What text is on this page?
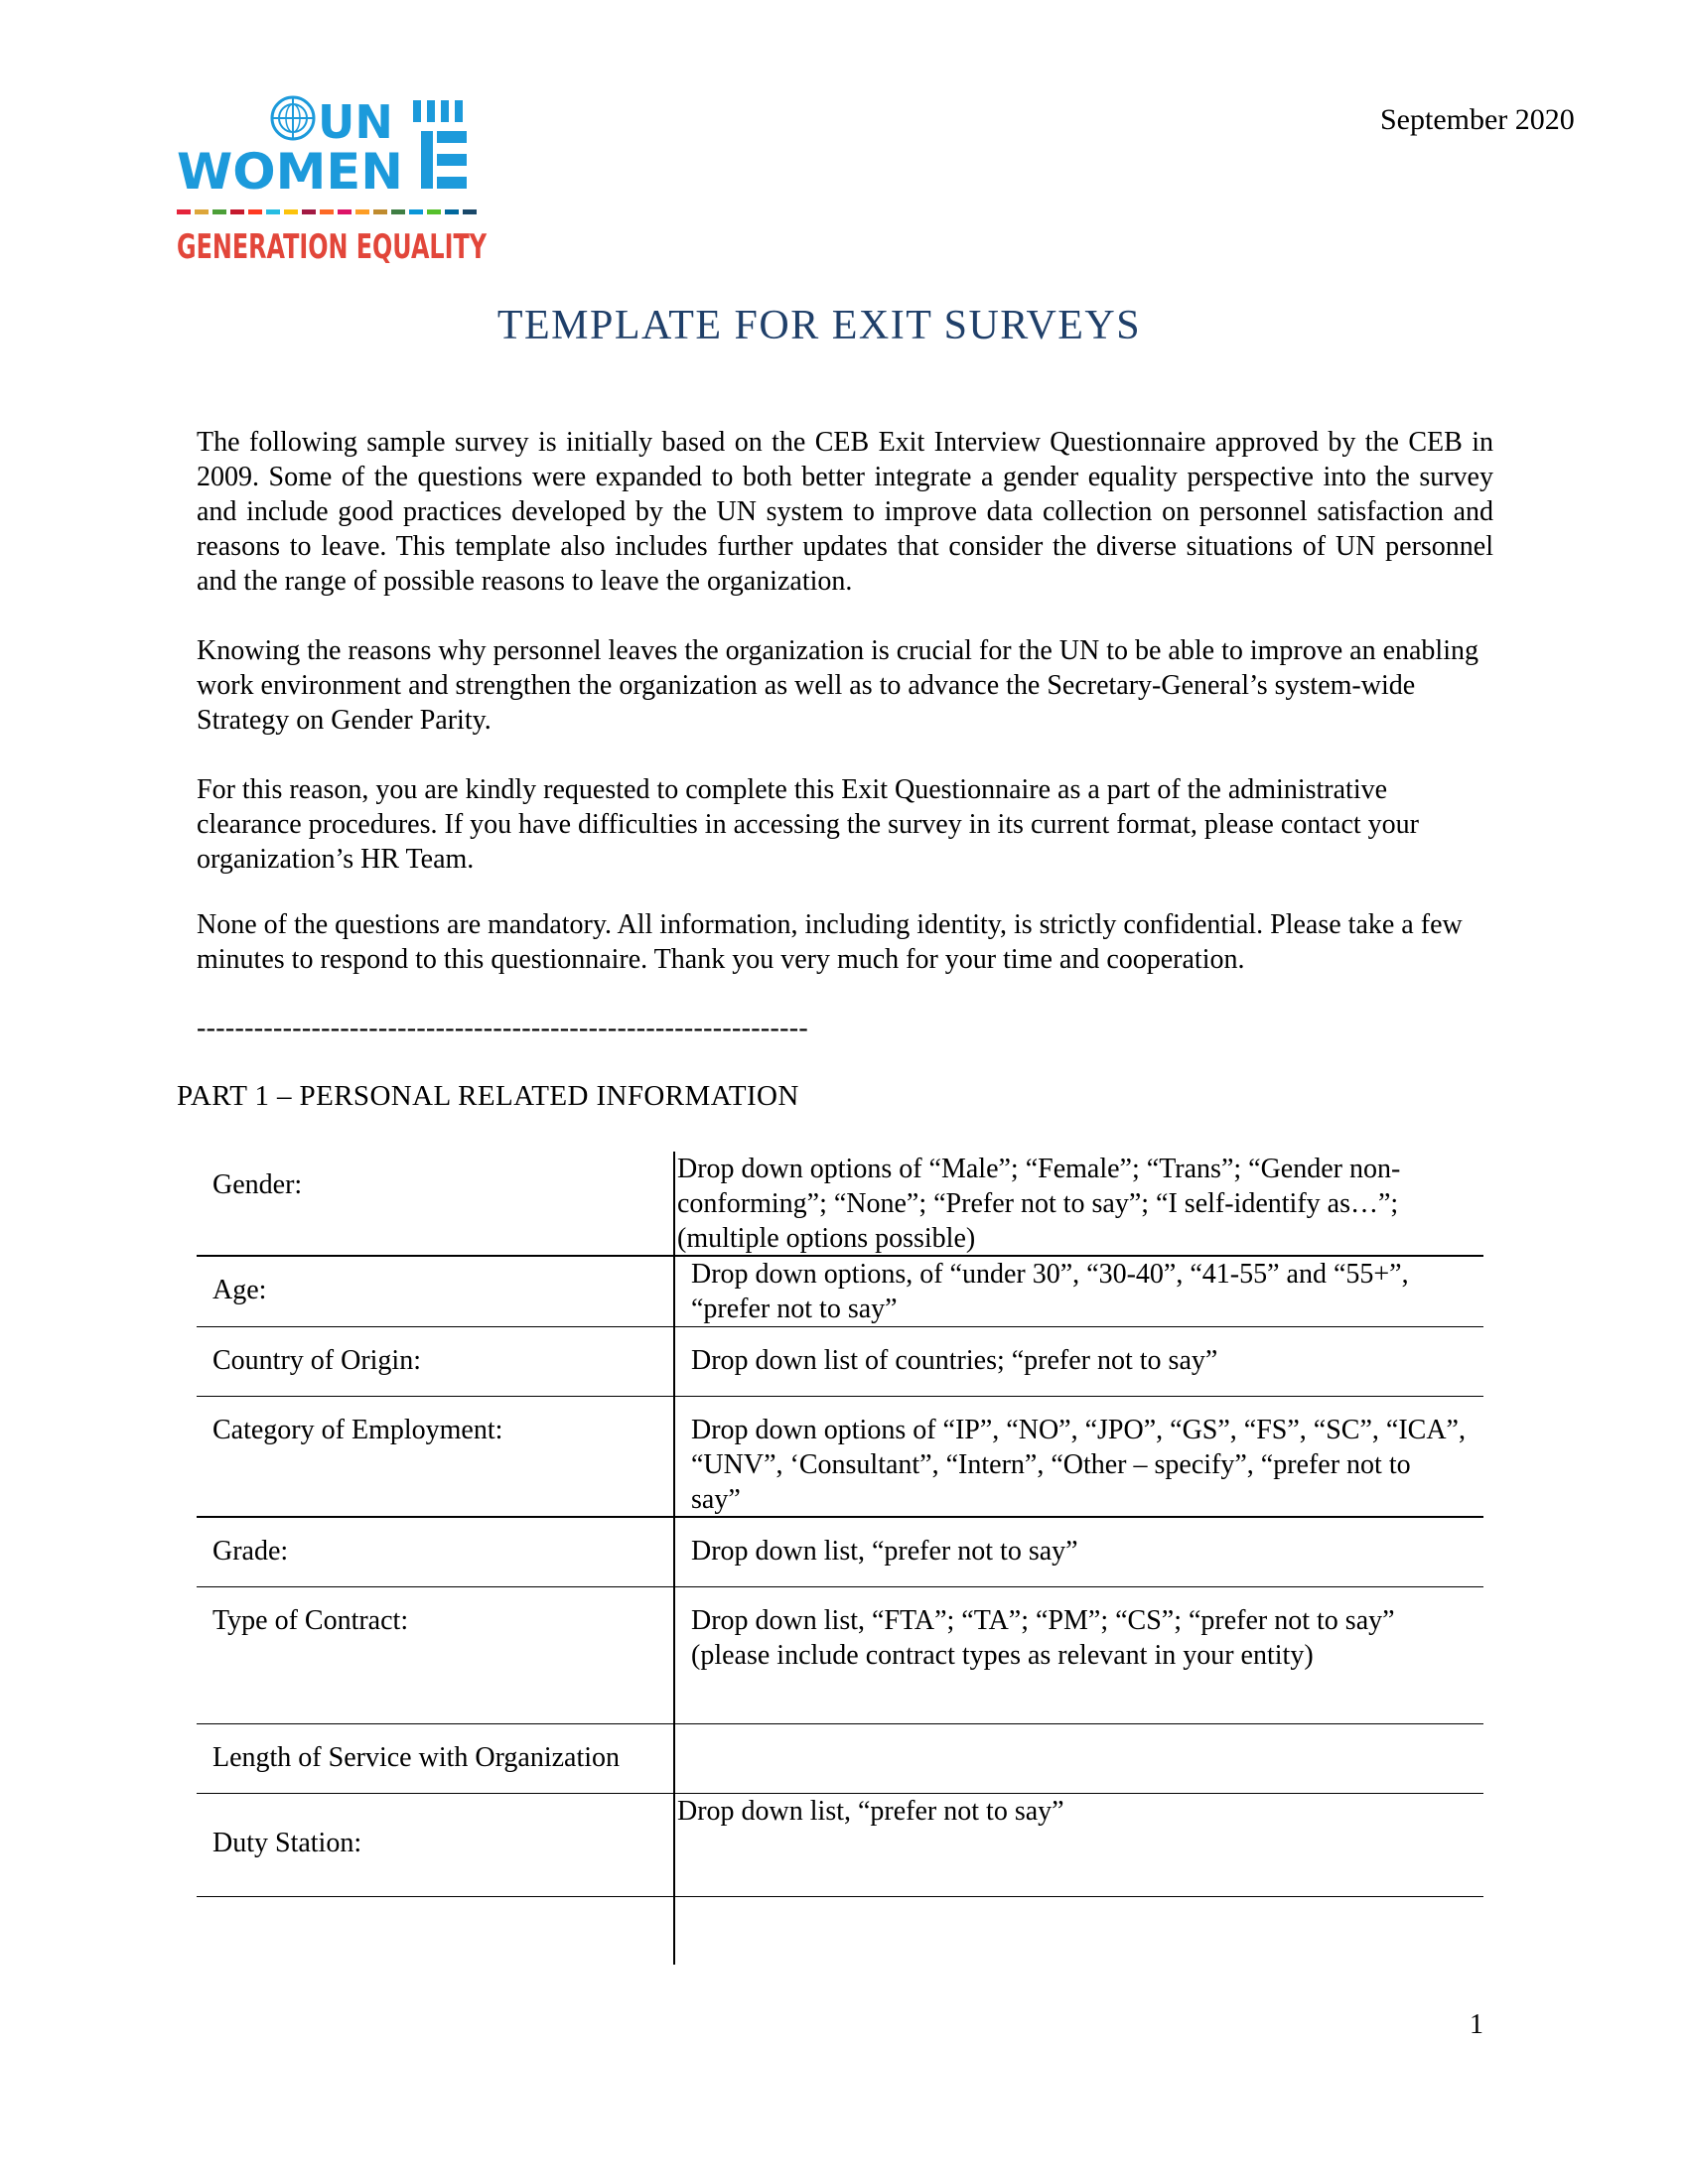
UN
WOMEN
GENERATION EQUALITY
September 2020
TEMPLATE FOR EXIT SURVEYS

The following sample survey is initially based on the CEB Exit Interview Questionnaire approved by the CEB in 2009. Some of the questions were expanded to both better integrate a gender equality perspective into the survey and include good practices developed by the UN system to improve data collection on personnel satisfaction and reasons to leave. This template also includes further updates that consider the diverse situations of UN personnel and the range of possible reasons to leave the organization.

Knowing the reasons why personnel leaves the organization is crucial for the UN to be able to improve an enabling work environment and strengthen the organization as well as to advance the Secretary-General’s system-wide Strategy on Gender Parity.

For this reason, you are kindly requested to complete this Exit Questionnaire as a part of the administrative clearance procedures. If you have difficulties in accessing the survey in its current format, please contact your organization’s HR Team.

None of the questions are mandatory. All information, including identity, is strictly confidential. Please take a few minutes to respond to this questionnaire. Thank you very much for your time and cooperation.

----------------------------------------------------------------
PART 1 – PERSONAL RELATED INFORMATION
Gender:
Drop down options of “Male”; “Female”; “Trans”; “Gender non-conforming”; “None”; “Prefer not to say”; “I self-identify as…”; (multiple options possible)
Age:
Drop down options, of “under 30”, “30-40”, “41-55” and “55+”, “prefer not to say”
Country of Origin:	Drop down list of countries; “prefer not to say”
Category of Employment:	Drop down options of “IP”, “NO”, “JPO”, “GS”, “FS”, “SC”, “ICA”, “UNV”, ‘Consultant”, “Intern”, “Other – specify”, “prefer not to say”
Grade:	Drop down list, “prefer not to say”
Type of Contract:	Drop down list, “FTA”; “TA”; “PM”; “CS”; “prefer not to say” (please include contract types as relevant in your entity)
Length of Service with Organization
Duty Station:
Drop down list, “prefer not to say”
1
